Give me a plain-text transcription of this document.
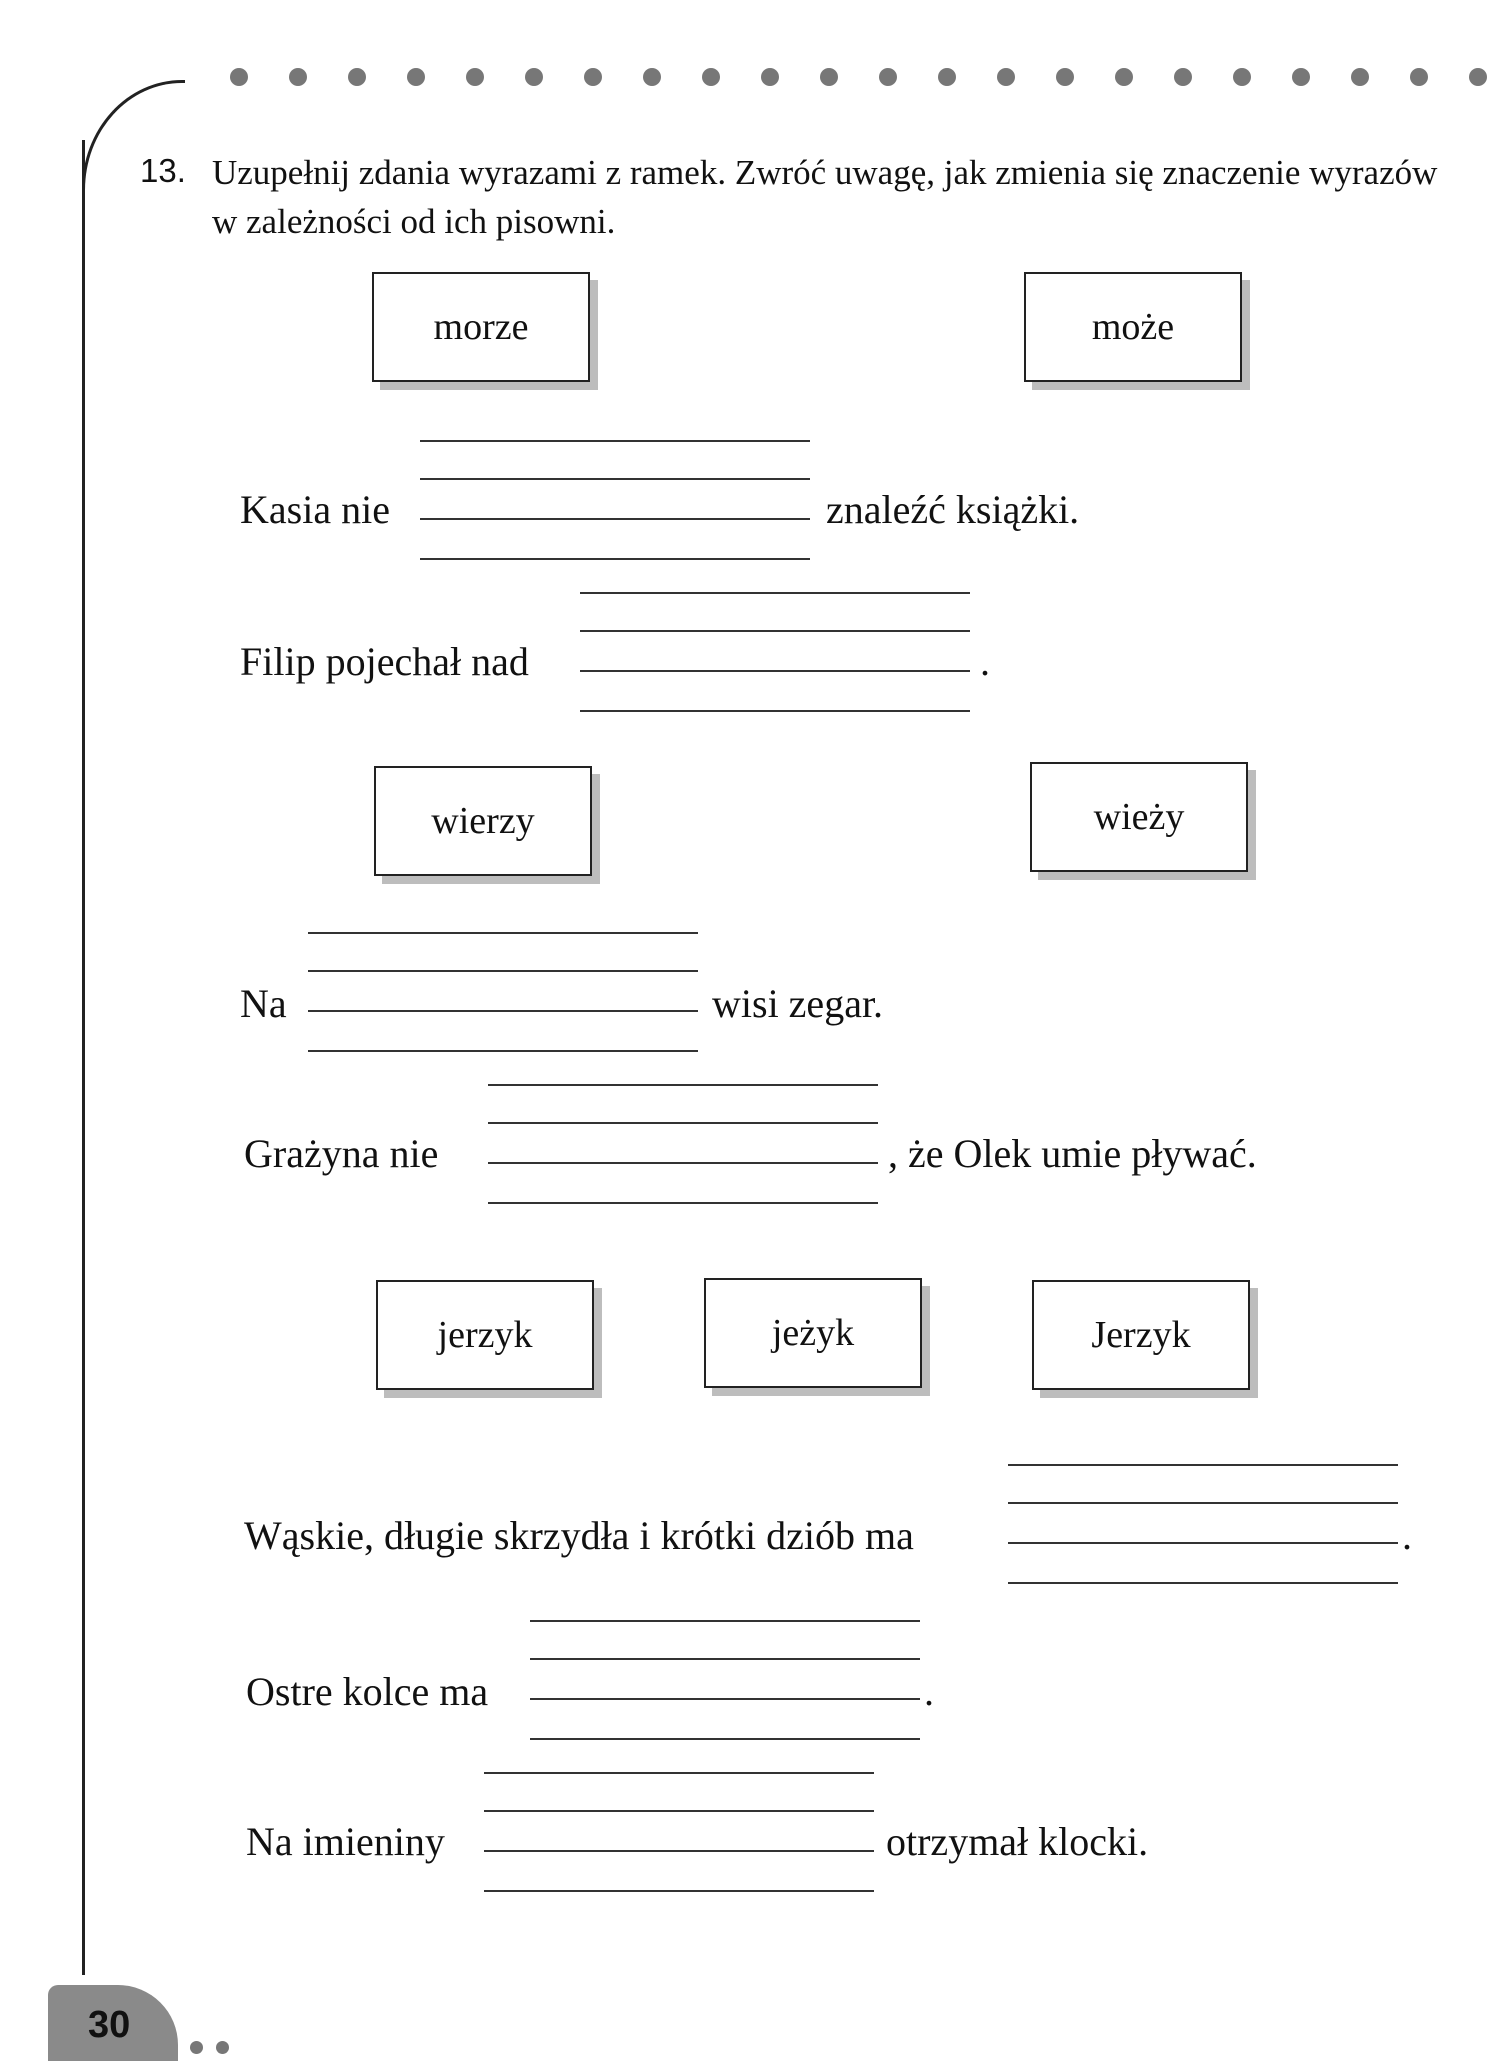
13. Uzupełnij zdania wyrazami z ramek. Zwróć uwagę, jak zmienia się znaczenie wyrazów w zależności od ich pisowni.
morze	może
Kasia nie	znaleźć książki.
Filip pojechał nad	.
wierzy	wieży
Na	wisi zegar.
Grażyna nie	, że Olek umie pływać.
jerzyk	jeżyk	Jerzyk
Wąskie, długie skrzydła i krótki dziób ma	.
Ostre kolce ma	.
Na imieniny	otrzymał klocki.
30
